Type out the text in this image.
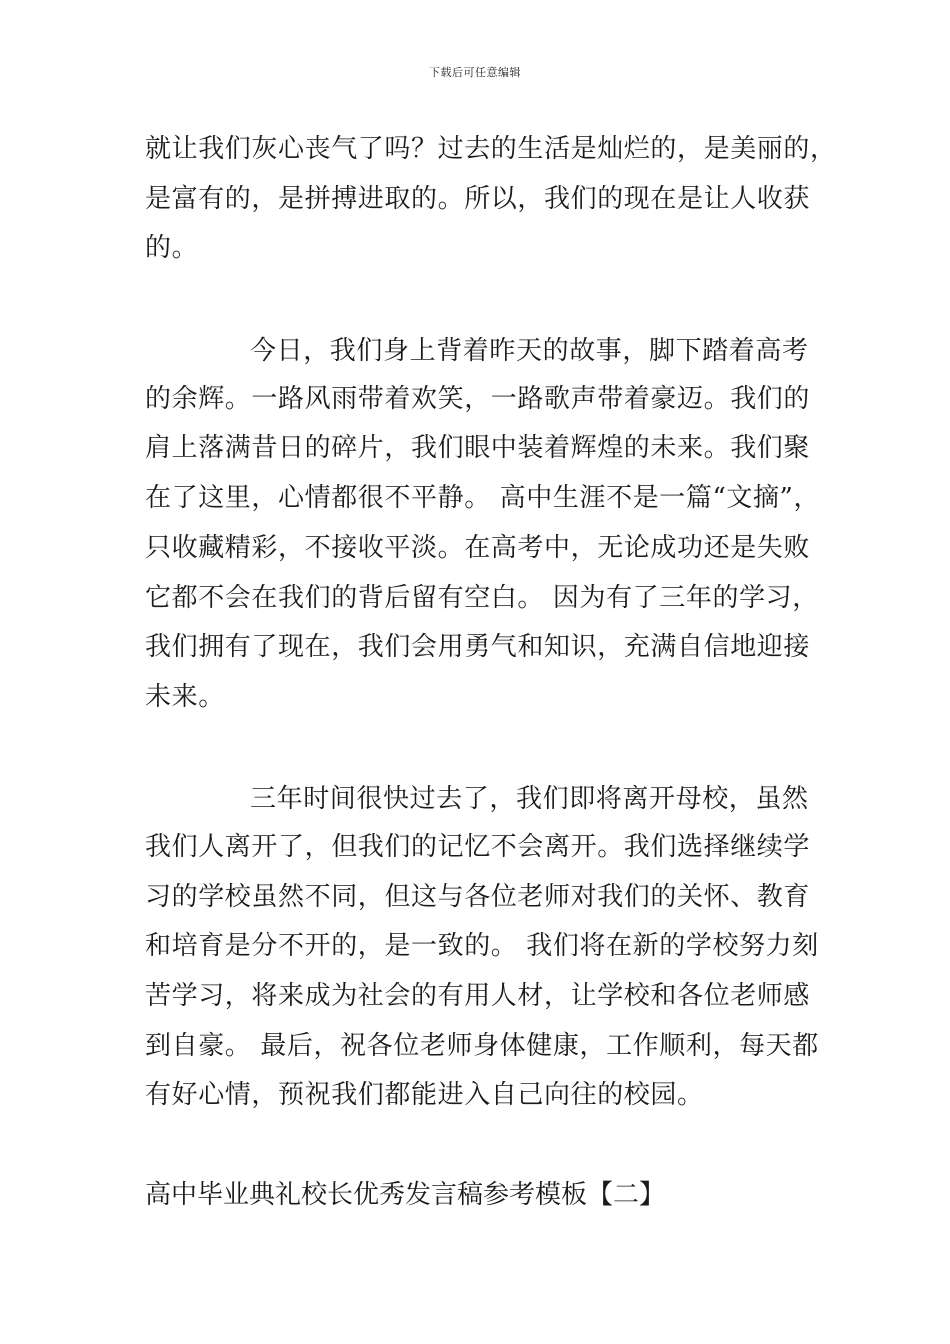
下载后可任意编辑
就让我们灰心丧气了吗？过去的生活是灿烂的，是美丽的，
是富有的，是拼搏进取的。所以，我们的现在是让人收获
的。
今日，我们身上背着昨天的故事，脚下踏着高考
的余辉。一路风雨带着欢笑，一路歌声带着豪迈。我们的
肩上落满昔日的碎片，我们眼中装着辉煌的未来。我们聚
在了这里，心情都很不平静。 高中生涯不是一篇“文摘”，
只收藏精彩，不接收平淡。在高考中，无论成功还是失败
它都不会在我们的背后留有空白。 因为有了三年的学习，
我们拥有了现在，我们会用勇气和知识，充满自信地迎接
未来。
三年时间很快过去了，我们即将离开母校，虽然
我们人离开了，但我们的记忆不会离开。我们选择继续学
习的学校虽然不同，但这与各位老师对我们的关怀、教育
和培育是分不开的，是一致的。 我们将在新的学校努力刻
苦学习，将来成为社会的有用人材，让学校和各位老师感
到自豪。 最后，祝各位老师身体健康，工作顺利，每天都
有好心情，预祝我们都能进入自己向往的校园。
高中毕业典礼校长优秀发言稿参考模板【二】
